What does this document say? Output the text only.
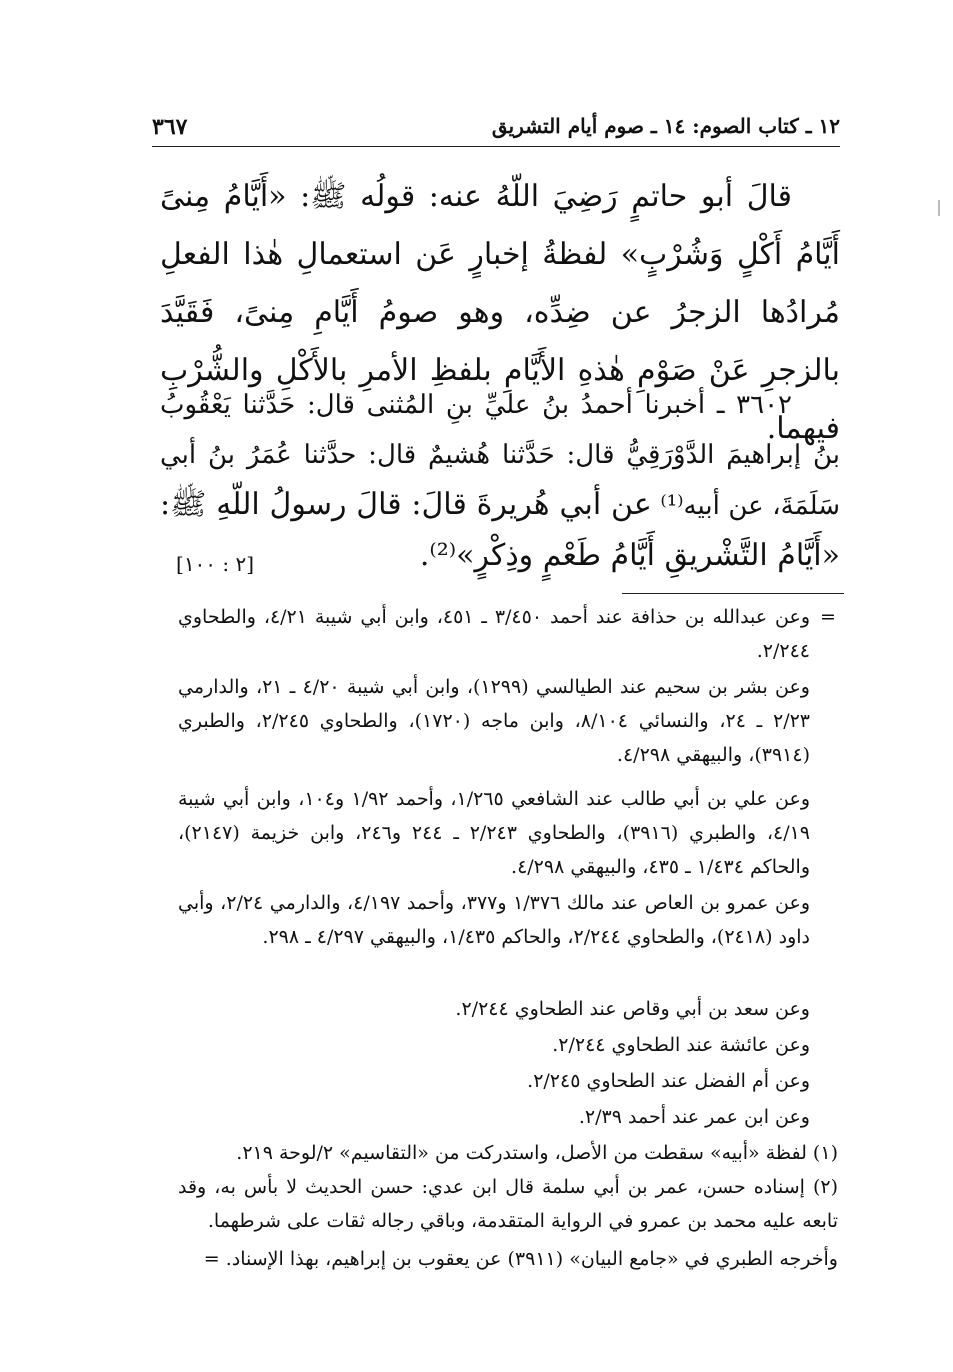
١٢ ـ كتاب الصوم: ١٤ ـ صوم أيام التشريق
٣٦٧
قالَ أبو حاتمٍ رَضِيَ اللّهُ عنه: قولُه ﷺ: «أَيَّامُ مِنىً أَيَّامُ أَكْلٍ وَشُرْبٍ» لفظةُ إخبارٍ عَن استعمالِ هٰذا الفعلِ مُرادُها الزجرُ عن ضِدِّه، وهو صومُ أَيَّامِ مِنىً، فَقَيَّدَ بالزجرِ عَنْ صَوْمِ هٰذهِ الأَيَّامِ بلفظِ الأمرِ بالأَكْلِ والشُّرْبِ فيهما.
٣٦٠٢ ـ أخبرنا أحمدُ بنُ عليِّ بنِ المُثنى قال: حَدَّثنا يَعْقُوبُ بنُ إبراهيمَ الدَّوْرَقِيُّ قال: حَدَّثنا هُشيمٌ قال: حدَّثنا عُمَرُ بنُ أبي سَلَمَةَ، عن أبيه⁽¹⁾ عن أبي هُريرةَ قالَ: قالَ رسولُ اللّهِ ﷺ: «أَيَّامُ التَّشْريقِ أَيَّامُ طَعْمٍ وذِكْرٍ»⁽²⁾.
[٢ : ١٠٠]
=
وعن عبدالله بن حذافة عند أحمد ٣/٤٥٠ ـ ٤٥١، وابن أبي شيبة ٤/٢١، والطحاوي ٢/٢٤٤.
وعن بشر بن سحيم عند الطيالسي (١٢٩٩)، وابن أبي شيبة ٤/٢٠ ـ ٢١، والدارمي ٢/٢٣ ـ ٢٤، والنسائي ٨/١٠٤، وابن ماجه (١٧٢٠)، والطحاوي ٢/٢٤٥، والطبري (٣٩١٤)، والبيهقي ٤/٢٩٨.
وعن علي بن أبي طالب عند الشافعي ١/٢٦٥، وأحمد ١/٩٢ و١٠٤، وابن أبي شيبة ٤/١٩، والطبري (٣٩١٦)، والطحاوي ٢/٢٤٣ ـ ٢٤٤ و٢٤٦، وابن خزيمة (٢١٤٧)، والحاكم ١/٤٣٤ ـ ٤٣٥، والبيهقي ٤/٢٩٨.
وعن عمرو بن العاص عند مالك ١/٣٧٦ و٣٧٧، وأحمد ٤/١٩٧، والدارمي ٢/٢٤، وأبي داود (٢٤١٨)، والطحاوي ٢/٢٤٤، والحاكم ١/٤٣٥، والبيهقي ٤/٢٩٧ ـ ٢٩٨.
وعن سعد بن أبي وقاص عند الطحاوي ٢/٢٤٤.
وعن عائشة عند الطحاوي ٢/٢٤٤.
وعن أم الفضل عند الطحاوي ٢/٢٤٥.
وعن ابن عمر عند أحمد ٢/٣٩.
(١) لفظة «أبيه» سقطت من الأصل، واستدركت من «التقاسيم» ٢/لوحة ٢١٩.
(٢) إسناده حسن، عمر بن أبي سلمة قال ابن عدي: حسن الحديث لا بأس به، وقد تابعه عليه محمد بن عمرو في الرواية المتقدمة، وباقي رجاله ثقات على شرطهما.
وأخرجه الطبري في «جامع البيان» (٣٩١١) عن يعقوب بن إبراهيم، بهذا الإسناد. =
